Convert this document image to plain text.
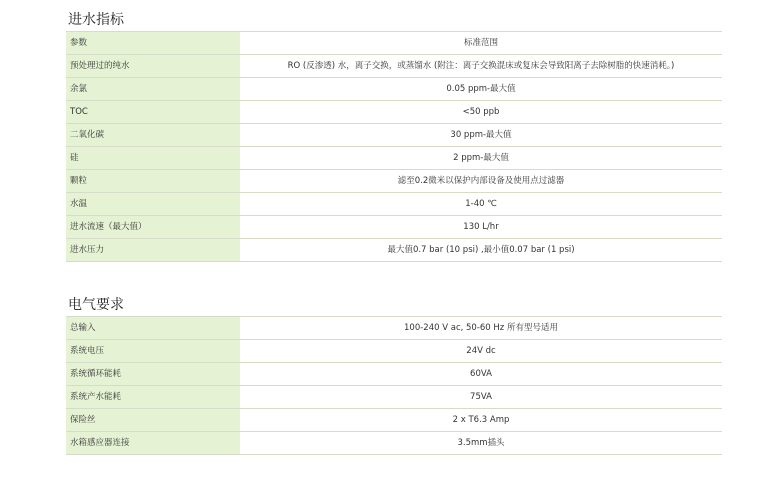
进水指标
参数	标准范围
预处理过的纯水	RO (反渗透) 水，离子交换，或蒸馏水 (附注：离子交换混床或复床会导致阳离子去除树脂的快速消耗。)
余氯	0.05 ppm-最大值
TOC	<50 ppb
二氧化碳	30 ppm-最大值
硅	2 ppm-最大值
颗粒	滤至0.2微米以保护内部设备及使用点过滤器
水温	1-40 ℃
进水流速（最大值）	130 L/hr
进水压力	最大值0.7 bar (10 psi) ,最小值0.07 bar (1 psi)
电气要求
总输入	100-240 V ac, 50-60 Hz 所有型号适用
系统电压	24V dc
系统循环能耗	60VA
系统产水能耗	75VA
保险丝	2 x T6.3 Amp
水箱感应器连接	3.5mm插头
